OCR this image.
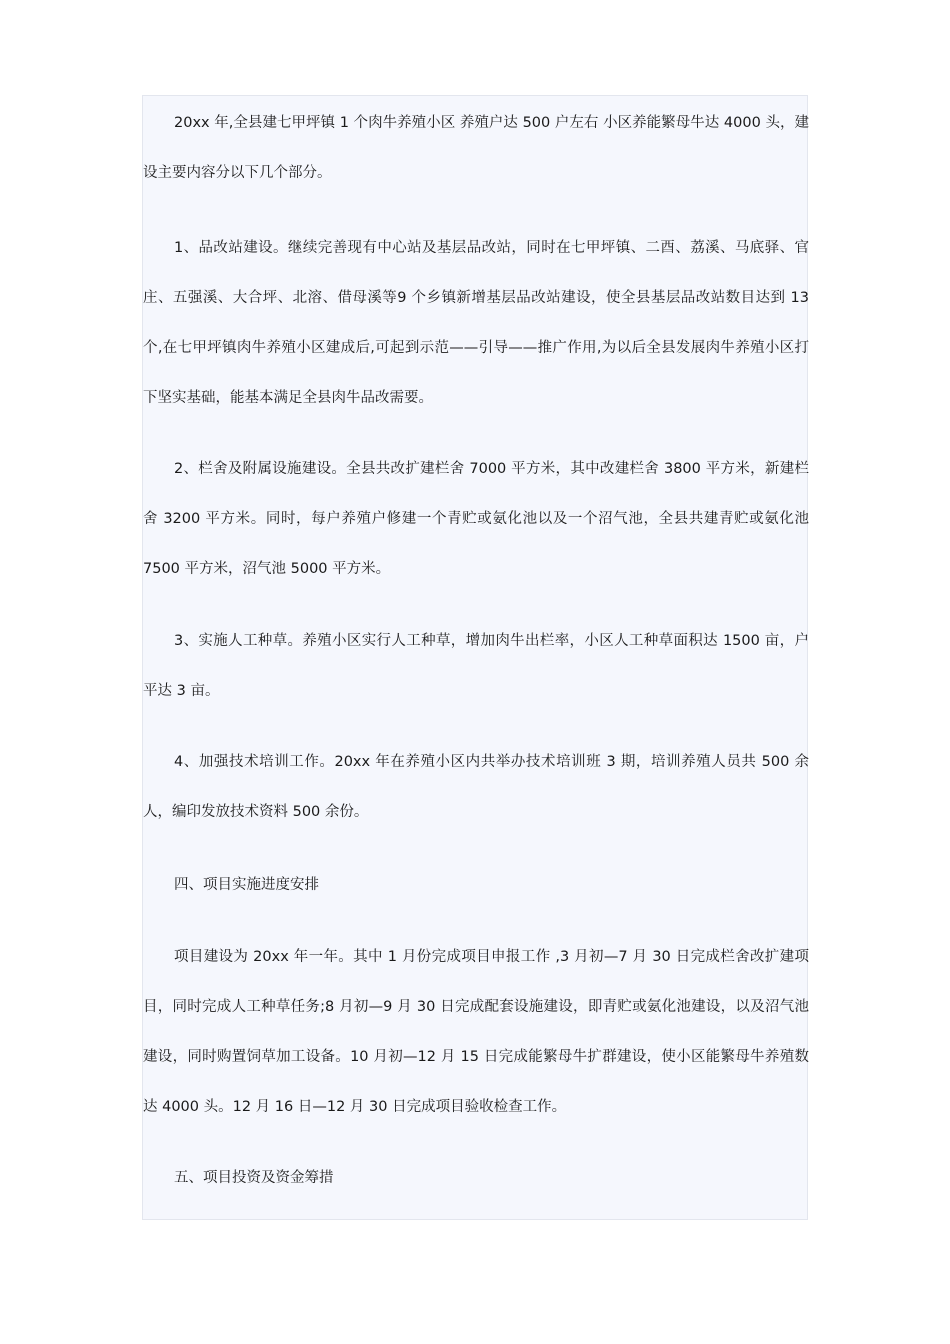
20xx 年,全县建七甲坪镇 1 个肉牛养殖小区 养殖户达 500 户左右 小区养能繁母牛达 4000 头，建设主要内容分以下几个部分。

1、品改站建设。继续完善现有中心站及基层品改站，同时在七甲坪镇、二酉、荔溪、马底驿、官庄、五强溪、大合坪、北溶、借母溪等9 个乡镇新增基层品改站建设，使全县基层品改站数目达到 13 个,在七甲坪镇肉牛养殖小区建成后,可起到示范——引导——推广作用,为以后全县发展肉牛养殖小区打下坚实基础，能基本满足全县肉牛品改需要。

2、栏舍及附属设施建设。全县共改扩建栏舍 7000 平方米，其中改建栏舍 3800 平方米，新建栏舍 3200 平方米。同时，每户养殖户修建一个青贮或氨化池以及一个沼气池，全县共建青贮或氨化池 7500 平方米，沼气池 5000 平方米。

3、实施人工种草。养殖小区实行人工种草，增加肉牛出栏率，小区人工种草面积达 1500 亩，户平达 3 亩。

4、加强技术培训工作。20xx 年在养殖小区内共举办技术培训班 3 期，培训养殖人员共 500 余人，编印发放技术资料 500 余份。

四、项目实施进度安排

项目建设为 20xx 年一年。其中 1 月份完成项目申报工作 ,3 月初—7 月 30 日完成栏舍改扩建项目，同时完成人工种草任务;8 月初—9 月 30 日完成配套设施建设，即青贮或氨化池建设，以及沼气池建设，同时购置饲草加工设备。10 月初—12 月 15 日完成能繁母牛扩群建设，使小区能繁母牛养殖数达 4000 头。12 月 16 日—12 月 30 日完成项目验收检查工作。

五、项目投资及资金筹措
